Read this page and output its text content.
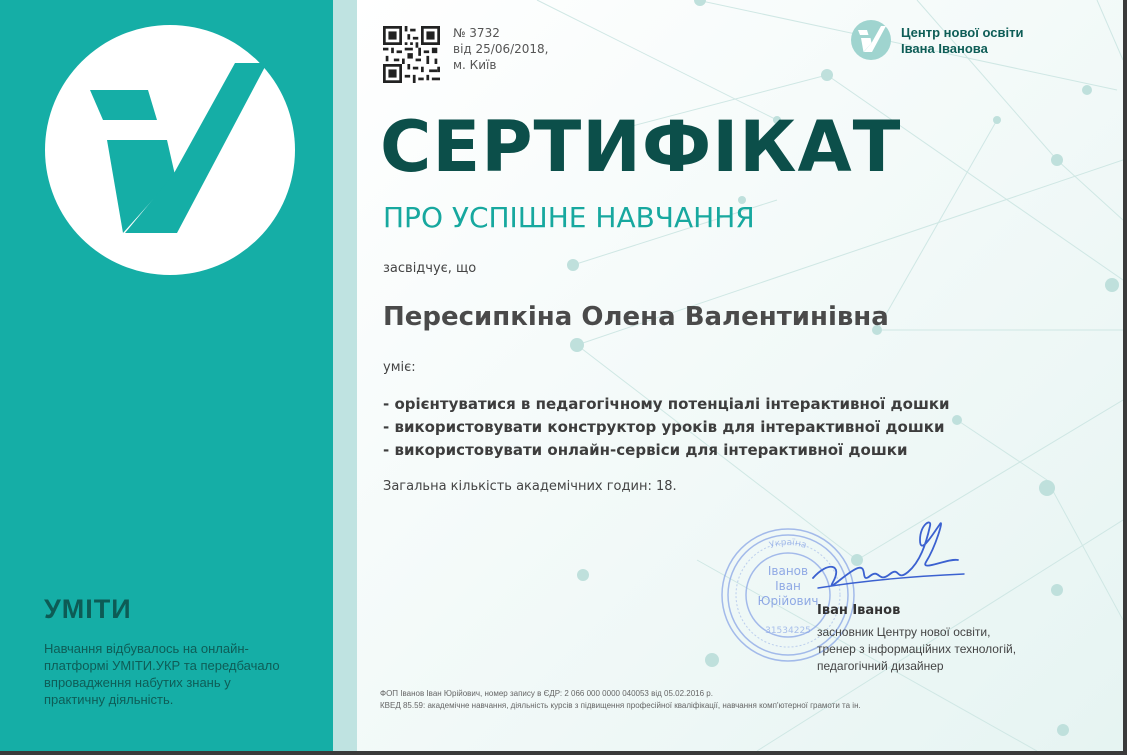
УМІТИ
Навчання відбувалось на онлайн-
платформі УМІТИ.УКР та передбачало
впровадження набутих знань у
практичну діяльність.
№ 3732
від 25/06/2018,
м. Київ
Центр нової освіти
Івана Іванова
СЕРТИФІКАТ
ПРО УСПІШНЕ НАВЧАННЯ
засвідчує, що
Пересипкіна Олена Валентинівна
уміє:
- орієнтуватися в педагогічному потенціалі інтерактивної дошки
- використовувати конструктор уроків для інтерактивної дошки
- використовувати онлайн-сервіси для інтерактивної дошки
Загальна кількість академічних годин: 18.
Україна
Іванов
Іван
Юрійович
31534225
Іван Іванов
засновник Центру нової освіти,
тренер з інформаційних технологій,
педагогічний дизайнер
ФОП Іванов Іван Юрійович, номер запису в ЄДР: 2 066 000 0000 040053 від 05.02.2016 р.
КВЕД 85.59: академічне навчання, діяльність курсів з підвищення професійної кваліфікації, навчання комп'ютерної грамоти та ін.
